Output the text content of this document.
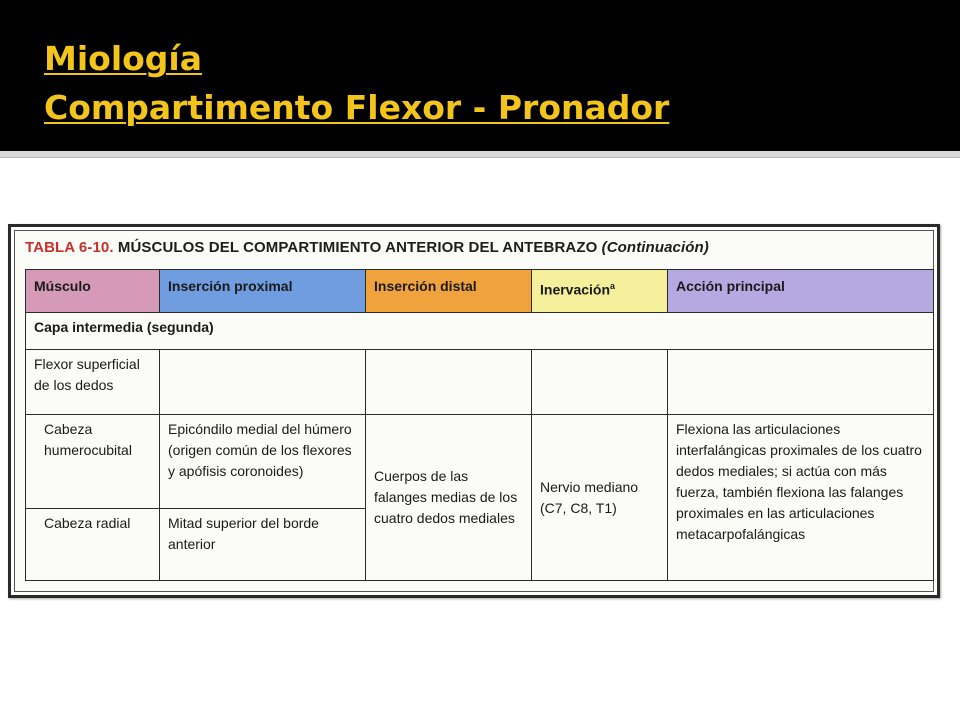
Miología
Compartimento Flexor - Pronador
TABLA 6-10. MÚSCULOS DEL COMPARTIMIENTO ANTERIOR DEL ANTEBRAZO (Continuación)
Músculo	Inserción proximal	Inserción distal	Inervación$^a$	Acción principal
Capa intermedia (segunda)				
Flexor superficial de los dedos				
Cabeza humerocubital	Epicóndilo medial del húmero (origen común de los flexores y apófisis coronoides)	Cuerpos de las falanges medias de los cuatro dedos mediales	Nervio mediano (C7, C8, T1)	Flexiona las articulaciones interfalángicas proximales de los cuatro dedos mediales; si actúa con más fuerza, también flexiona las falanges proximales en las articulaciones metacarpofalángicas
Cabeza radial	Mitad superior del borde anterior			
